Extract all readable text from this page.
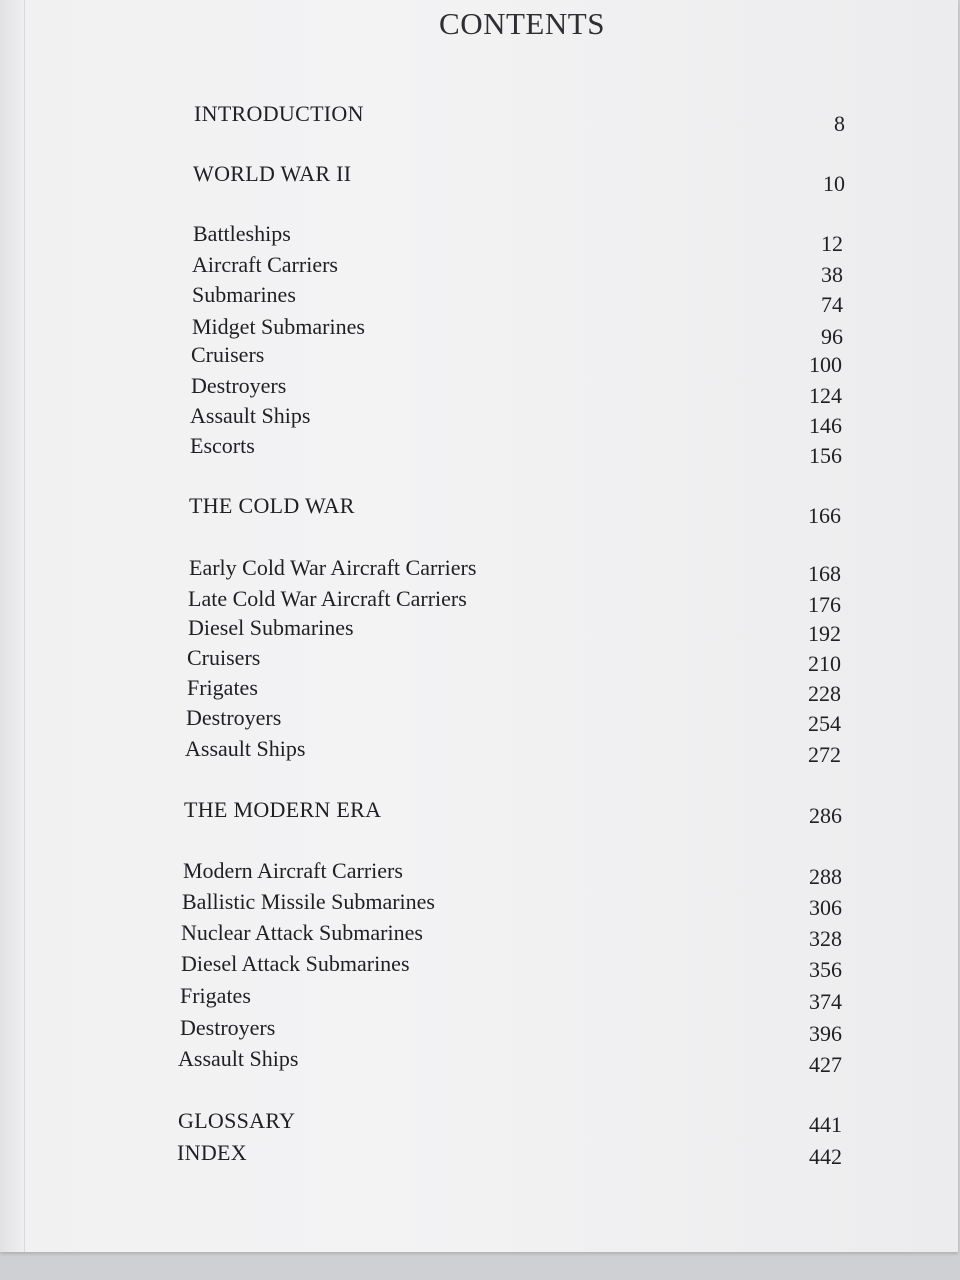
CONTENTS
INTRODUCTION	8
WORLD WAR II	10
Battleships	12
Aircraft Carriers	38
Submarines	74
Midget Submarines	96
Cruisers	100
Destroyers	124
Assault Ships	146
Escorts	156
THE COLD WAR	166
Early Cold War Aircraft Carriers	168
Late Cold War Aircraft Carriers	176
Diesel Submarines	192
Cruisers	210
Frigates	228
Destroyers	254
Assault Ships	272
THE MODERN ERA	286
Modern Aircraft Carriers	288
Ballistic Missile Submarines	306
Nuclear Attack Submarines	328
Diesel Attack Submarines	356
Frigates	374
Destroyers	396
Assault Ships	427
GLOSSARY	441
INDEX	442
